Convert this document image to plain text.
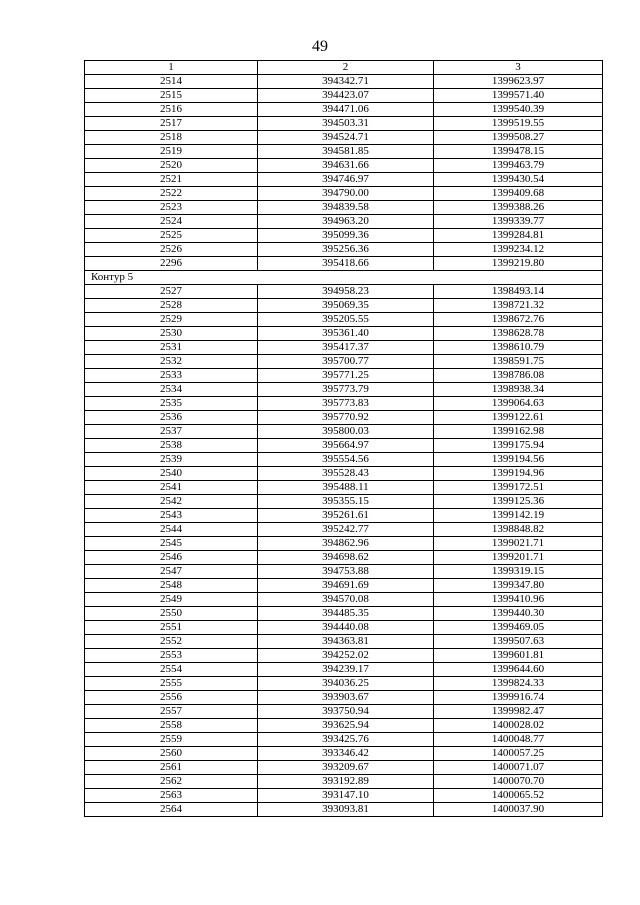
49
1	2	3
2514	394342.71	1399623.97
2515	394423.07	1399571.40
2516	394471.06	1399540.39
2517	394503.31	1399519.55
2518	394524.71	1399508.27
2519	394581.85	1399478.15
2520	394631.66	1399463.79
2521	394746.97	1399430.54
2522	394790.00	1399409.68
2523	394839.58	1399388.26
2524	394963.20	1399339.77
2525	395099.36	1399284.81
2526	395256.36	1399234.12
2296	395418.66	1399219.80
Контур 5		
2527	394958.23	1398493.14
2528	395069.35	1398721.32
2529	395205.55	1398672.76
2530	395361.40	1398628.78
2531	395417.37	1398610.79
2532	395700.77	1398591.75
2533	395771.25	1398786.08
2534	395773.79	1398938.34
2535	395773.83	1399064.63
2536	395770.92	1399122.61
2537	395800.03	1399162.98
2538	395664.97	1399175.94
2539	395554.56	1399194.56
2540	395528.43	1399194.96
2541	395488.11	1399172.51
2542	395355.15	1399125.36
2543	395261.61	1399142.19
2544	395242.77	1398848.82
2545	394862.96	1399021.71
2546	394698.62	1399201.71
2547	394753.88	1399319.15
2548	394691.69	1399347.80
2549	394570.08	1399410.96
2550	394485.35	1399440.30
2551	394440.08	1399469.05
2552	394363.81	1399507.63
2553	394252.02	1399601.81
2554	394239.17	1399644.60
2555	394036.25	1399824.33
2556	393903.67	1399916.74
2557	393750.94	1399982.47
2558	393625.94	1400028.02
2559	393425.76	1400048.77
2560	393346.42	1400057.25
2561	393209.67	1400071.07
2562	393192.89	1400070.70
2563	393147.10	1400065.52
2564	393093.81	1400037.90
